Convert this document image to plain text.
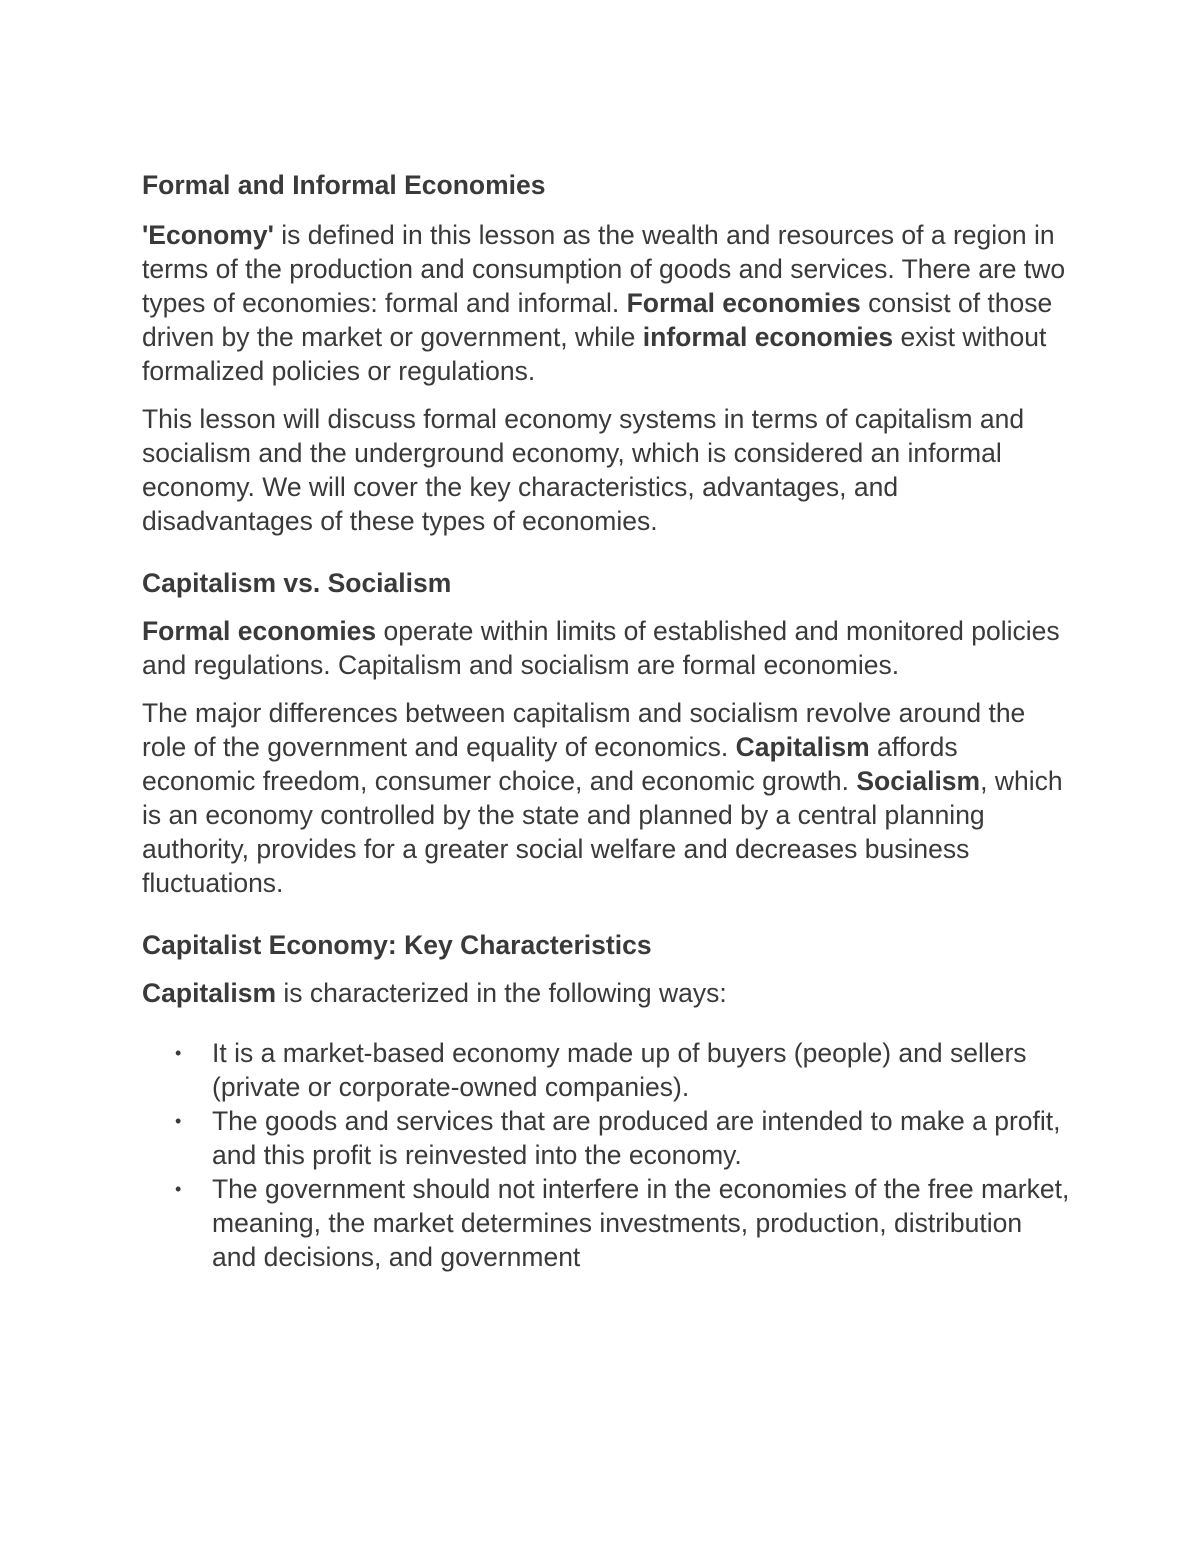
Formal and Informal Economies

'Economy' is defined in this lesson as the wealth and resources of a region in terms of the production and consumption of goods and services. There are two types of economies: formal and informal. Formal economies consist of those driven by the market or government, while informal economies exist without formalized policies or regulations.

This lesson will discuss formal economy systems in terms of capitalism and socialism and the underground economy, which is considered an informal economy. We will cover the key characteristics, advantages, and disadvantages of these types of economies.

Capitalism vs. Socialism

Formal economies operate within limits of established and monitored policies and regulations. Capitalism and socialism are formal economies.

The major differences between capitalism and socialism revolve around the role of the government and equality of economics. Capitalism affords economic freedom, consumer choice, and economic growth. Socialism, which is an economy controlled by the state and planned by a central planning authority, provides for a greater social welfare and decreases business fluctuations.

Capitalist Economy: Key Characteristics

Capitalism is characterized in the following ways:

• It is a market-based economy made up of buyers (people) and sellers (private or corporate-owned companies).
• The goods and services that are produced are intended to make a profit, and this profit is reinvested into the economy.
• The government should not interfere in the economies of the free market, meaning, the market determines investments, production, distribution and decisions, and government
